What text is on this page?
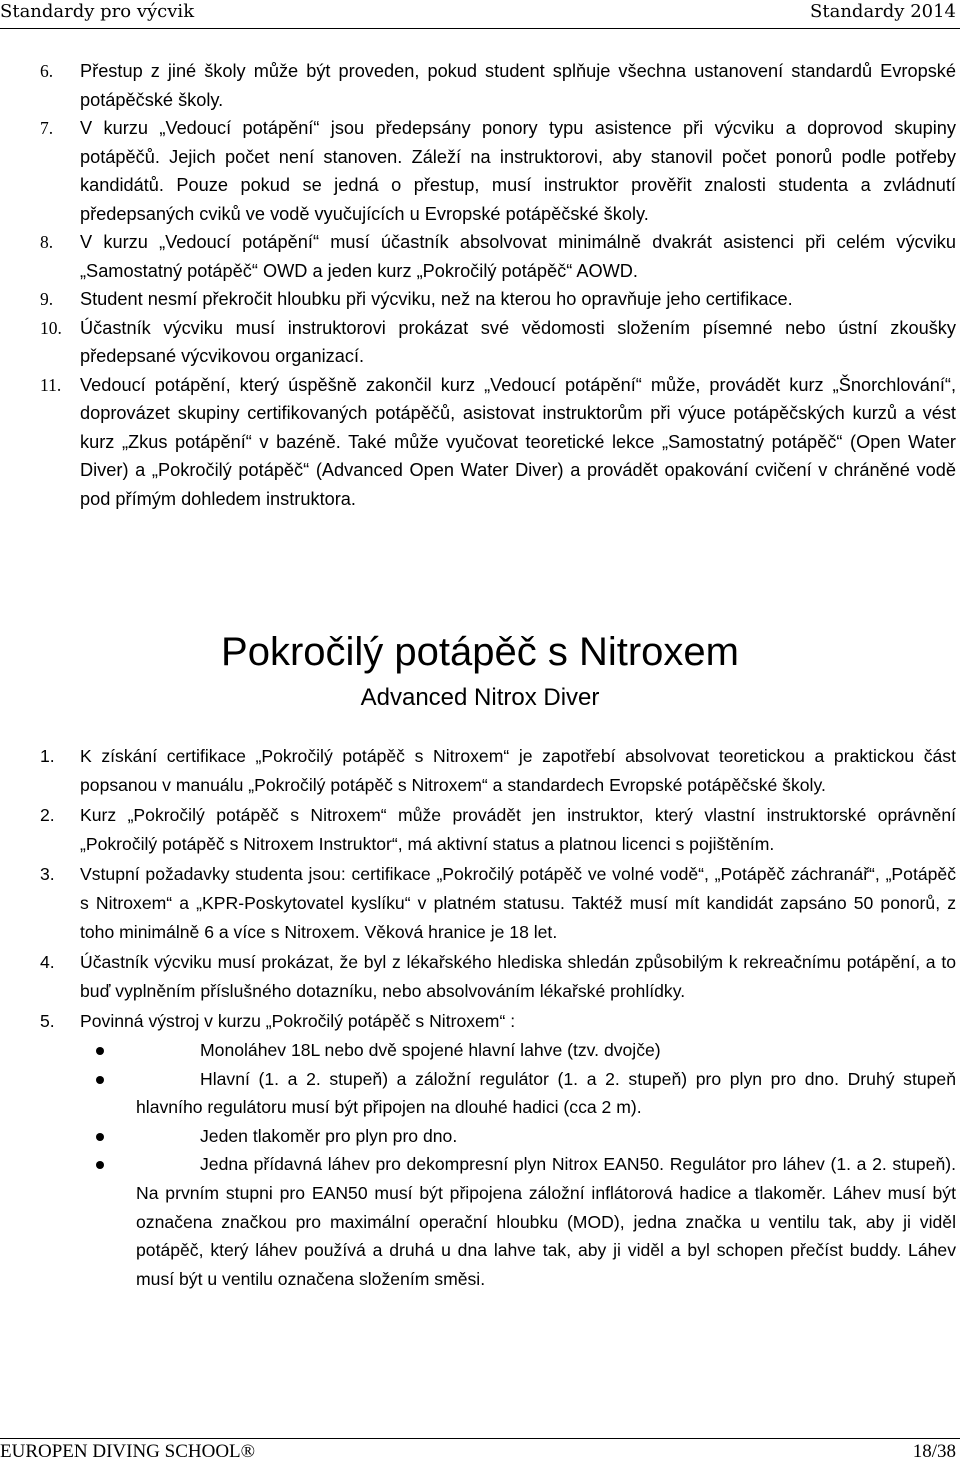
Standardy pro výcvik	Standardy 2014
6. Přestup z jiné školy může být proveden, pokud student splňuje všechna ustanovení standardů Evropské potápěčské školy.
7. V kurzu „Vedoucí potápění“ jsou předepsány ponory typu asistence při výcviku a doprovod skupiny potápěčů. Jejich počet není stanoven. Záleží na instruktorovi, aby stanovil počet ponorů podle potřeby kandidátů. Pouze pokud se jedná o přestup, musí instruktor prověřit znalosti studenta a zvládnutí předepsaných cviků ve vodě vyučujících u Evropské potápěčské školy.
8. V kurzu „Vedoucí potápění“ musí účastník absolvovat minimálně dvakrát asistenci při celém výcviku „Samostatný potápěč“ OWD a jeden kurz „Pokročilý potápěč“ AOWD.
9. Student nesmí překročit hloubku při výcviku, než na kterou ho opravňuje jeho certifikace.
10. Účastník výcviku musí instruktorovi prokázat své vědomosti složením písemné nebo ústní zkoušky předepsané výcvikovou organizací.
11. Vedoucí potápění, který úspěšně zakončil kurz „Vedoucí potápění“ může, provádět kurz „Šnorchlování“, doprovázet skupiny certifikovaných potápěčů, asistovat instruktorům při výuce potápěčských kurzů a vést kurz „Zkus potápění“ v bazéně. Také může vyučovat teoretické lekce „Samostatný potápěč“ (Open Water Diver) a „Pokročilý potápěč“ (Advanced Open Water Diver) a provádět opakování cvičení v chráněné vodě pod přímým dohledem instruktora.
Pokročilý potápěč s Nitroxem
Advanced Nitrox Diver
1. K získání certifikace „Pokročilý potápěč s Nitroxem“ je zapotřebí absolvovat teoretickou a praktickou část popsanou v manuálu „Pokročilý potápěč s Nitroxem“ a standardech Evropské potápěčské školy.
2. Kurz „Pokročilý potápěč s Nitroxem“ může provádět jen instruktor, který vlastní instruktorské oprávnění „Pokročilý potápěč s Nitroxem Instruktor“, má aktivní status a platnou licenci s pojištěním.
3. Vstupní požadavky studenta jsou: certifikace „Pokročilý potápěč ve volné vodě“, „Potápěč záchranář“, „Potápěč s Nitroxem“ a „KPR-Poskytovatel kyslíku“ v platném statusu. Taktéž musí mít kandidát zapsáno 50 ponorů, z toho minimálně 6 a více s Nitroxem. Věková hranice je 18 let.
4. Účastník výcviku musí prokázat, že byl z lékařského hlediska shledán způsobilým k rekreačnímu potápění, a to buď vyplněním příslušného dotazníku, nebo absolvováním lékařské prohlídky.
5. Povinná výstroj v kurzu „Pokročilý potápěč s Nitroxem“ :
Monoláhev 18L nebo dvě spojené hlavní lahve (tzv. dvojče)
Hlavní (1. a 2. stupeň) a záložní regulátor (1. a 2. stupeň) pro plyn pro dno. Druhý stupeň hlavního regulátoru musí být připojen na dlouhé hadici (cca 2 m).
Jeden tlakoměr pro plyn pro dno.
Jedna přídavná láhev pro dekompresní plyn Nitrox EAN50. Regulátor pro láhev (1. a 2. stupeň). Na prvním stupni pro EAN50 musí být připojena záložní inflátorová hadice a tlakoměr. Láhev musí být označena značkou pro maximální operační hloubku (MOD), jedna značka u ventilu tak, aby ji viděl potápěč, který láhev používá a druhá u dna lahve tak, aby ji viděl a byl schopen přečíst buddy. Láhev musí být u ventilu označena složením směsi.
EUROPEN DIVING SCHOOL®	18/38
